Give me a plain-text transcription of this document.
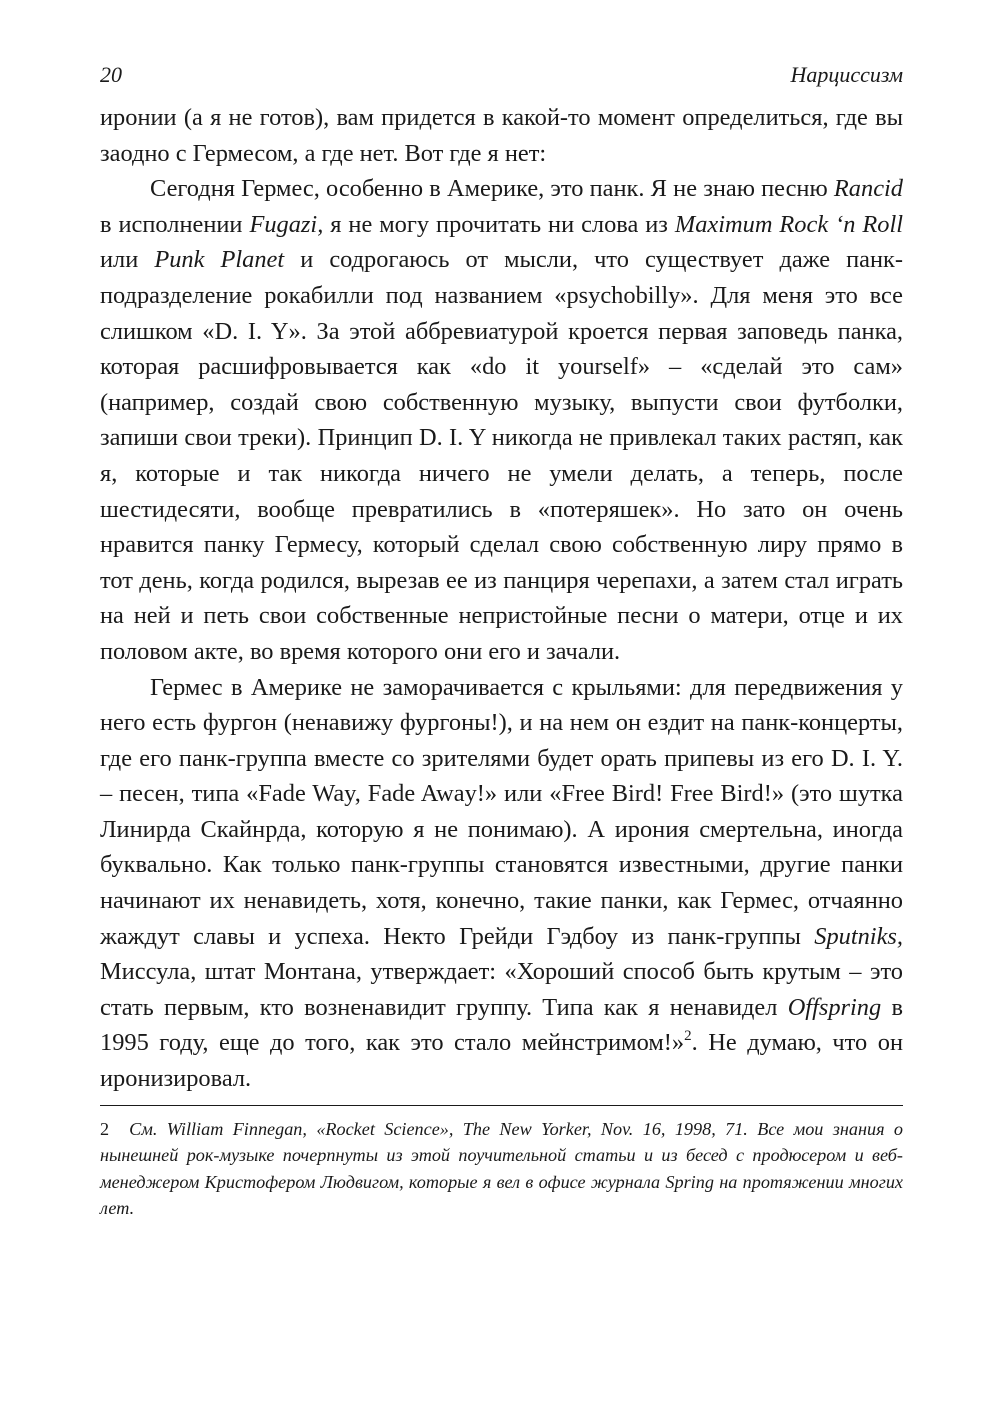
20	Нарциссизм

иронии (а я не готов), вам придется в какой-то момент определиться, где вы заодно с Гермесом, а где нет. Вот где я нет:

Сегодня Гермес, особенно в Америке, это панк. Я не знаю песню Rancid в исполнении Fugazi, я не могу прочитать ни слова из Maximum Rock ‘n Roll или Punk Planet и содрогаюсь от мысли, что существует даже панк-подразделение рокабилли под названием «psychobilly». Для меня это все слишком «D. I. Y». За этой аббревиатурой кроется первая заповедь панка, которая расшифровывается как «do it yourself» – «сделай это сам» (например, создай свою собственную музыку, выпусти свои футболки, запиши свои треки). Принцип D. I. Y никогда не привлекал таких растяп, как я, которые и так никогда ничего не умели делать, а теперь, после шестидесяти, вообще превратились в «потеряшек». Но зато он очень нравится панку Гермесу, который сделал свою собственную лиру прямо в тот день, когда родился, вырезав ее из панциря черепахи, а затем стал играть на ней и петь свои собственные непристойные песни о матери, отце и их половом акте, во время которого они его и зачали.

Гермес в Америке не заморачивается с крыльями: для передвижения у него есть фургон (ненавижу фургоны!), и на нем он ездит на панк-концерты, где его панк-группа вместе со зрителями будет орать припевы из его D. I. Y. – песен, типа «Fade Way, Fade Away!» или «Free Bird! Free Bird!» (это шутка Линирда Скайнрда, которую я не понимаю). А ирония смертельна, иногда буквально. Как только панк-группы становятся известными, другие панки начинают их ненавидеть, хотя, конечно, такие панки, как Гермес, отчаянно жаждут славы и успеха. Некто Грейди Гэдбоу из панк-группы Sputniks, Миссула, штат Монтана, утверждает: «Хороший способ быть крутым – это стать первым, кто возненавидит группу. Типа как я ненавидел Offspring в 1995 году, еще до того, как это стало мейнстримом!»$^2$. Не думаю, что он иронизировал.

2 См. William Finnegan, «Rocket Science», The New Yorker, Nov. 16, 1998, 71. Все мои знания о нынешней рок-музыке почерпнуты из этой поучительной статьи и из бесед с продюсером и веб-менеджером Кристофером Людвигом, которые я вел в офисе журнала Spring на протяжении многих лет.
